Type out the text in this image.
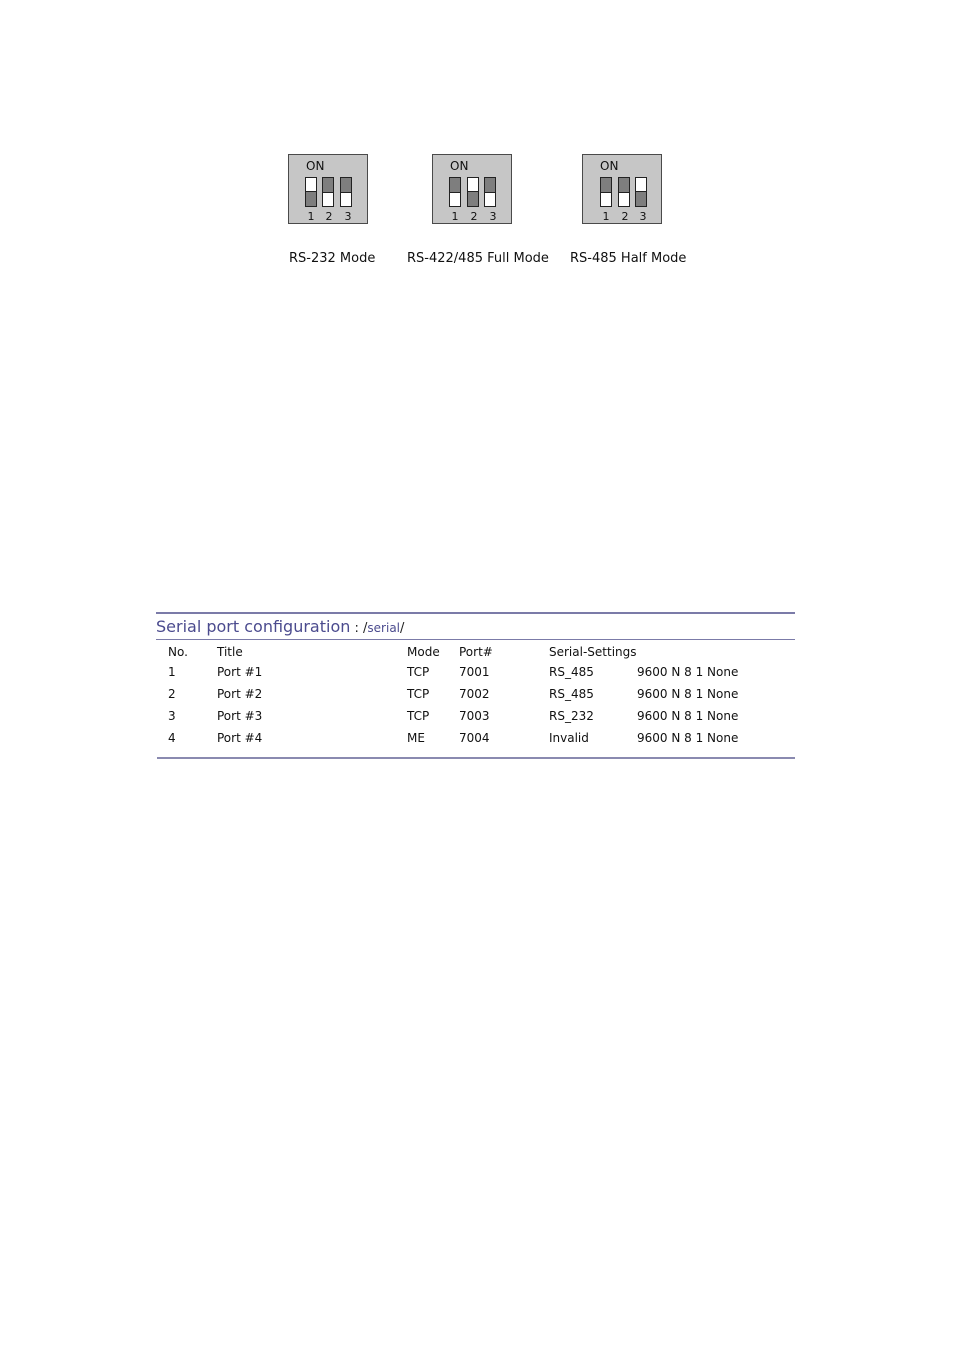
ON
1 2 3
ON
1 2 3
ON
1 2 3
RS-232 Mode RS-422/485 Full Mode RS-485 Half Mode
Serial port configuration : /serial/
No. Title	Mode Port#	Serial-Settings
1	Port #1	TCP 7001	RS_485	9600 N 8 1 None
2	Port #2	TCP 7002	RS_485	9600 N 8 1 None
3	Port #3	TCP 7003	RS_232	9600 N 8 1 None
4	Port #4	ME	7004	Invalid	9600 N 8 1 None
